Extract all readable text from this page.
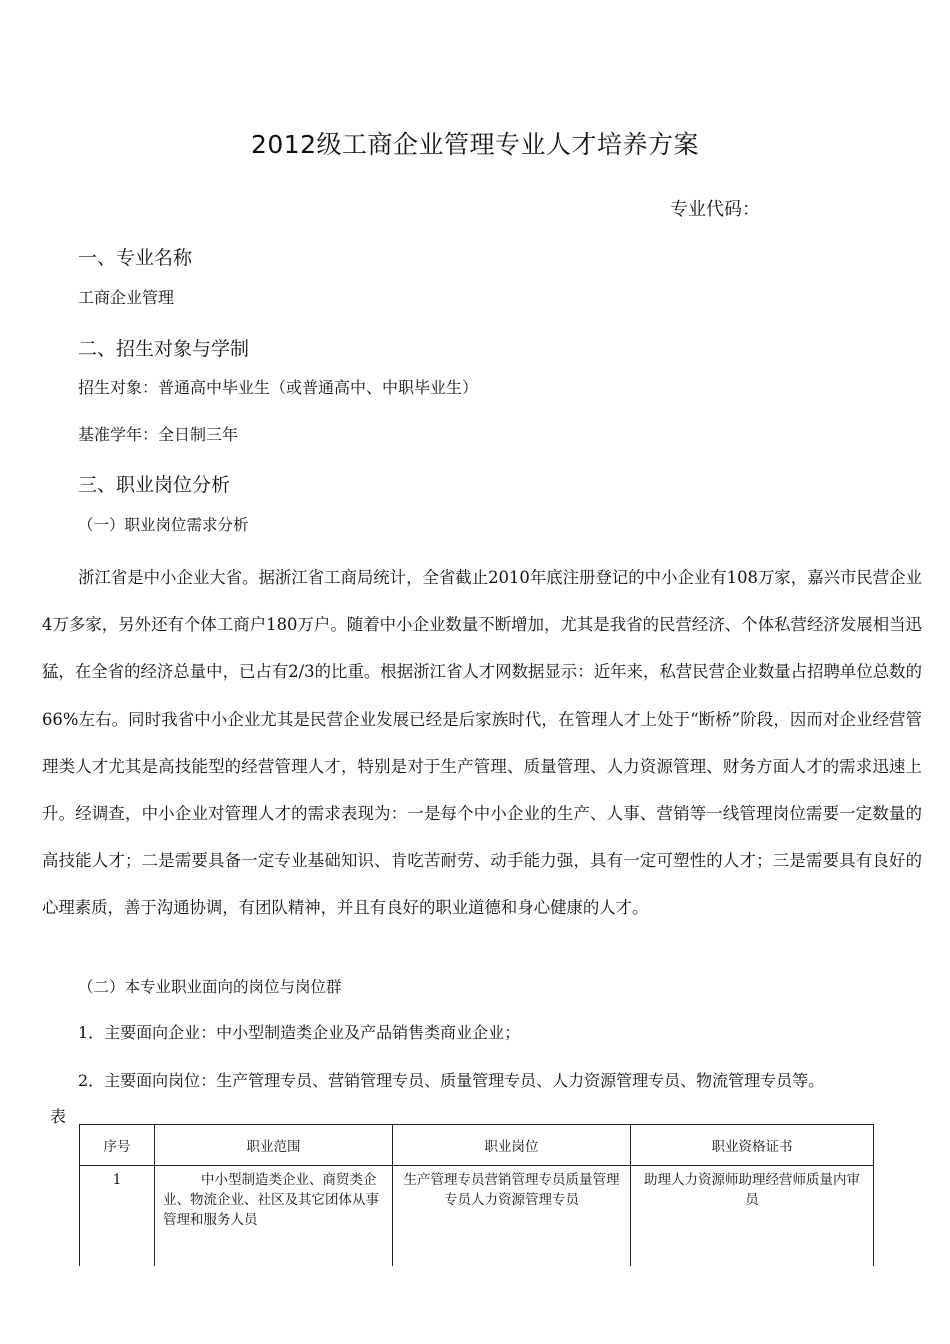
2012级工商企业管理专业人才培养方案
专业代码：
一、专业名称
工商企业管理
二、招生对象与学制
招生对象：普通高中毕业生（或普通高中、中职毕业生）
基准学年：全日制三年
三、职业岗位分析
（一）职业岗位需求分析
浙江省是中小企业大省。据浙江省工商局统计，全省截止2010年底注册登记的中小企业有108万家，嘉兴市民营企业4万多家，另外还有个体工商户180万户。随着中小企业数量不断增加，尤其是我省的民营经济、个体私营经济发展相当迅猛，在全省的经济总量中，已占有2/3的比重。根据浙江省人才网数据显示：近年来，私营民营企业数量占招聘单位总数的66%左右。同时我省中小企业尤其是民营企业发展已经是后家族时代，在管理人才上处于“断桥”阶段，因而对企业经营管理类人才尤其是高技能型的经营管理人才，特别是对于生产管理、质量管理、人力资源管理、财务方面人才的需求迅速上升。经调查，中小企业对管理人才的需求表现为：一是每个中小企业的生产、人事、营销等一线管理岗位需要一定数量的高技能人才；二是需要具备一定专业基础知识、肯吃苦耐劳、动手能力强，具有一定可塑性的人才；三是需要具有良好的心理素质，善于沟通协调，有团队精神，并且有良好的职业道德和身心健康的人才。
（二）本专业职业面向的岗位与岗位群
1．主要面向企业：中小型制造类企业及产品销售类商业企业；
2．主要面向岗位：生产管理专员、营销管理专员、质量管理专员、人力资源管理专员、物流管理专员等。
表
序号	职业范围	职业岗位	职业资格证书
1	中小型制造类企业、商贸类企业、物流企业、社区及其它团体从事管理和服务人员	生产管理专员营销管理专员质量管理专员人力资源管理专员	助理人力资源师助理经营师质量内审员
